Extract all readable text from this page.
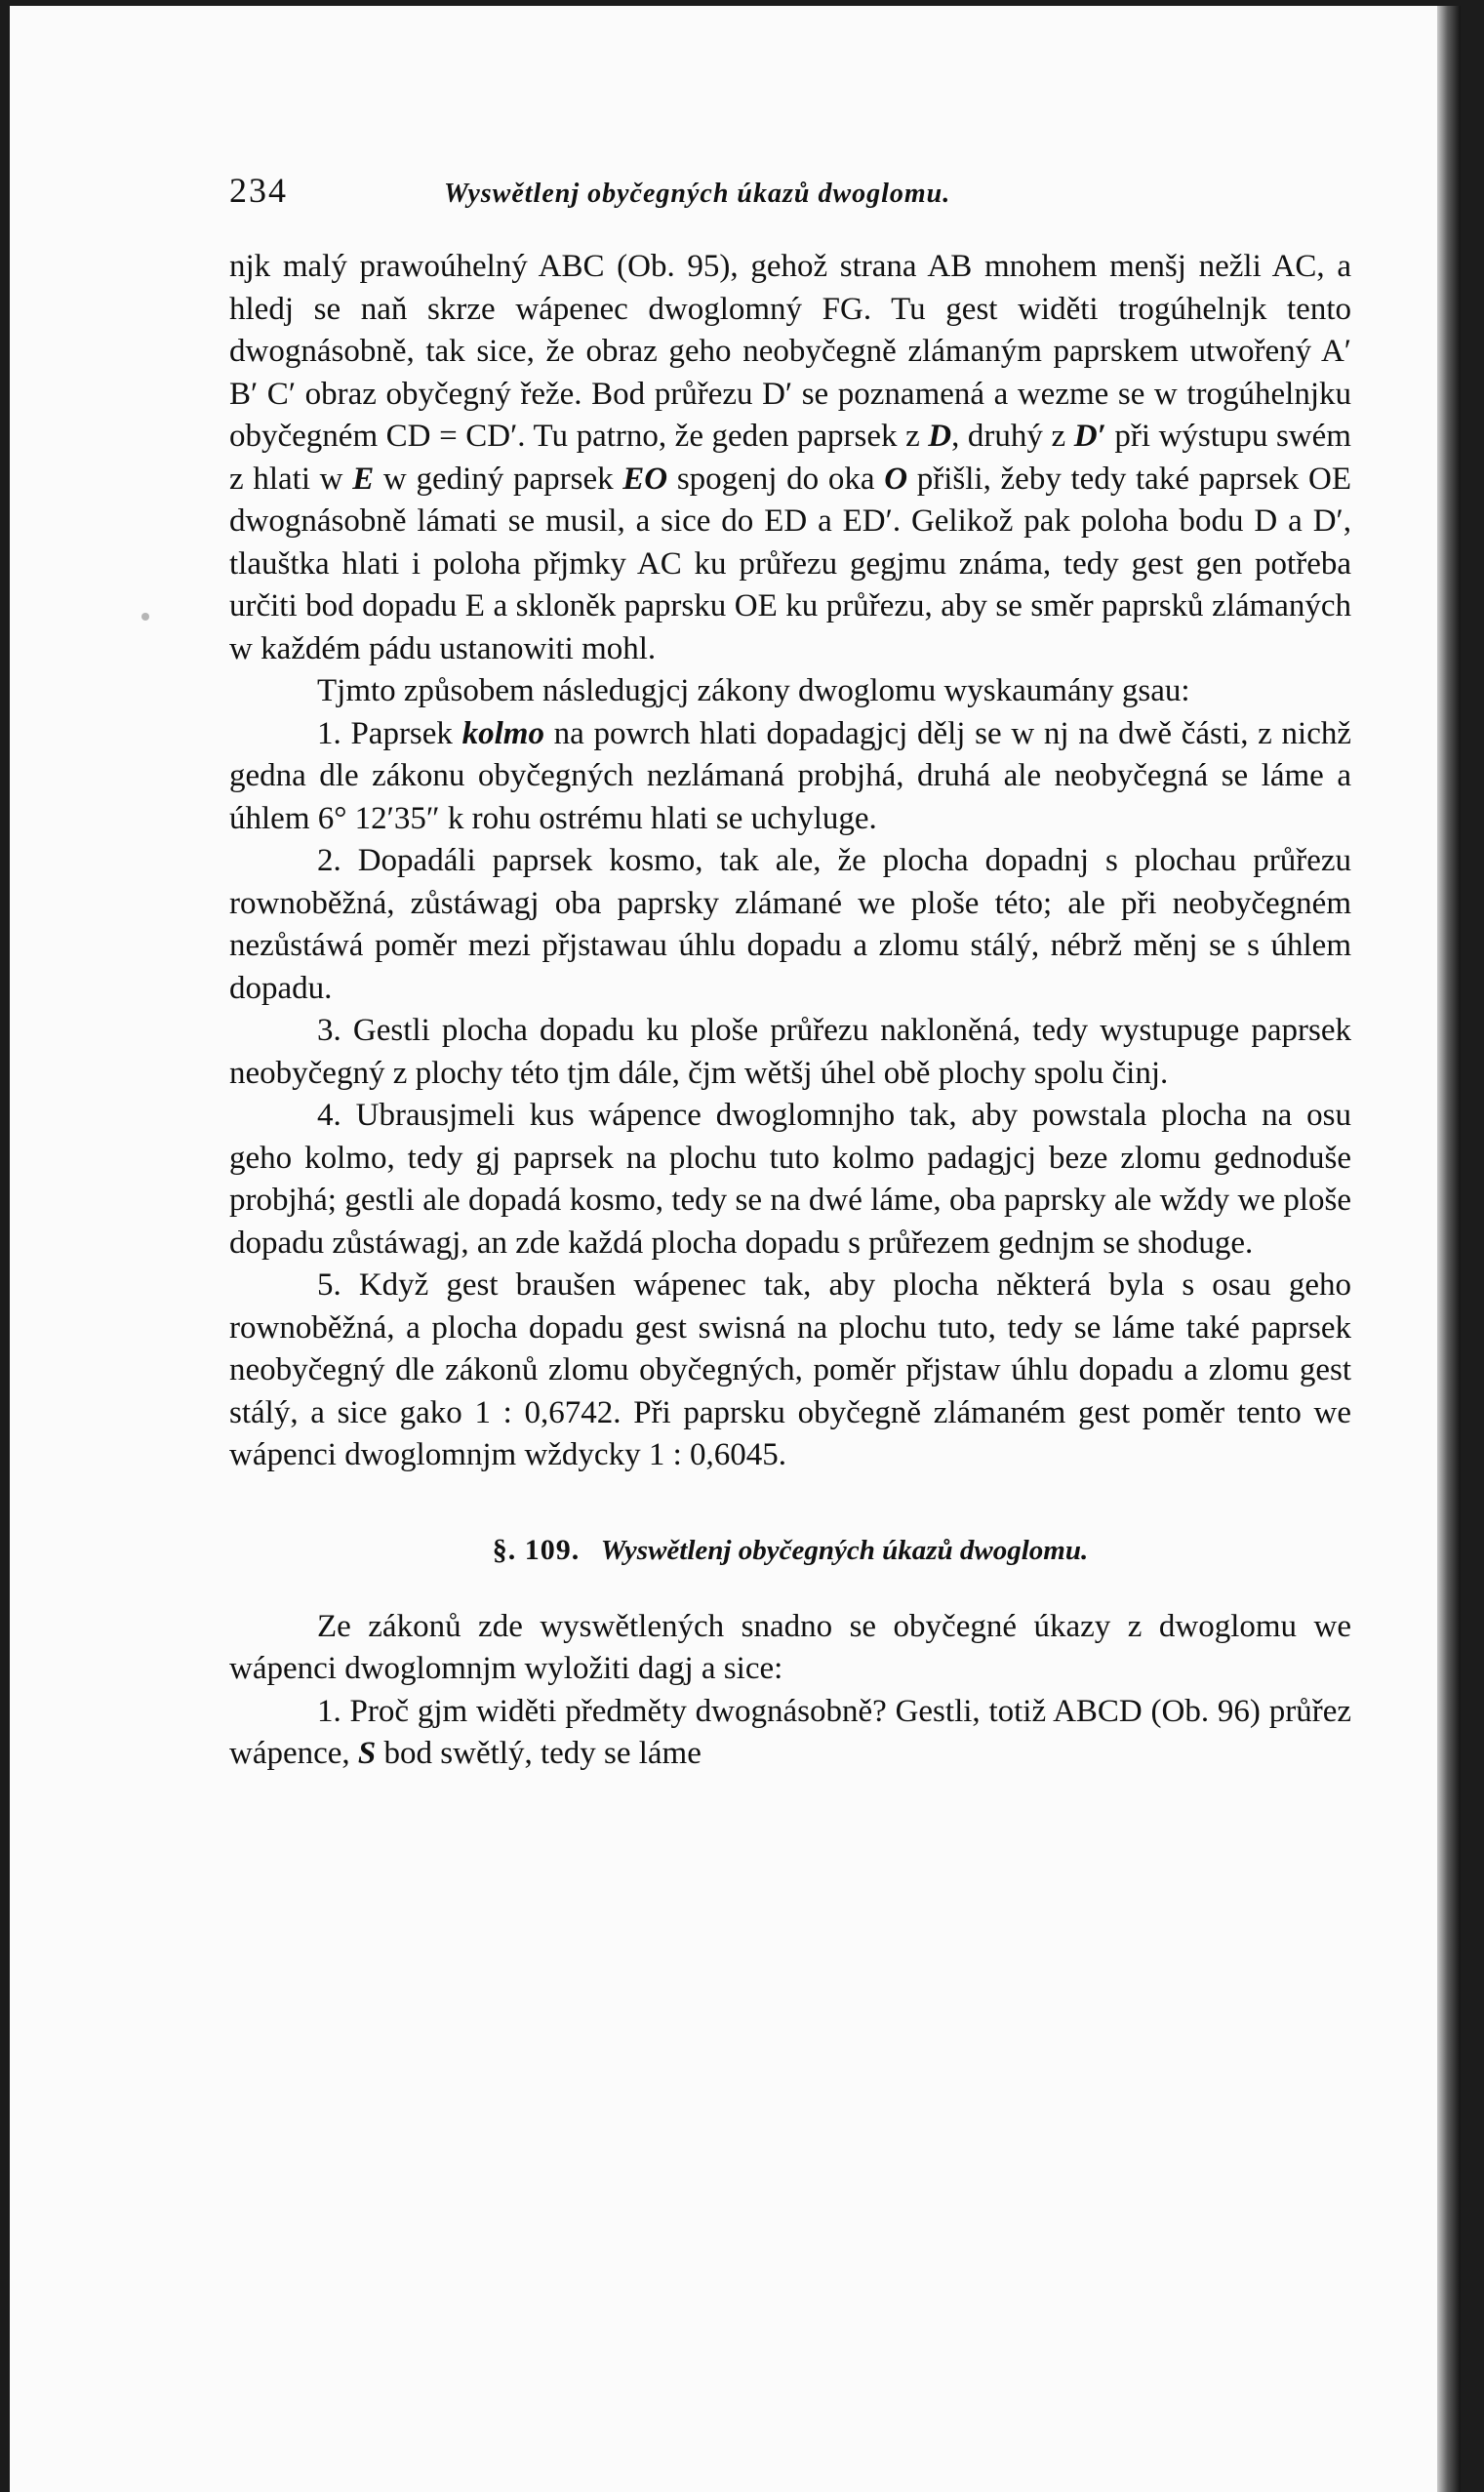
234	Wyswětlenj obyčegných úkazů dwoglomu.

njk malý prawoúhelný ABC (Ob. 95), gehož strana AB mnohem menšj nežli AC, a hledj se naň skrze wápenec dwoglomný FG. Tu gest widěti trogúhelnjk tento dwognásobně, tak sice, že obraz geho neobyčegně zlámaným paprskem utwořený A′ B′ C′ obraz obyčegný řeže. Bod průřezu D′ se poznamená a wezme se w trogúhelnjku obyčegném CD = CD′. Tu patrno, že geden paprsek z D, druhý z D′ při wýstupu swém z hlati w E w gediný paprsek EO spogenj do oka O přišli, žeby tedy také paprsek OE dwognásobně lámati se musil, a sice do ED a ED′. Gelikož pak poloha bodu D a D′, tlauštka hlati i poloha přjmky AC ku průřezu gegjmu známa, tedy gest gen potřeba určiti bod dopadu E a skloněk paprsku OE ku průřezu, aby se směr paprsků zlámaných w každém pádu ustanowiti mohl.

Tjmto způsobem následugjcj zákony dwoglomu wyskaumány gsau:

1. Paprsek kolmo na powrch hlati dopadagjcj dělj se w nj na dwě části, z nichž gedna dle zákonu obyčegných nezlámaná probjhá, druhá ale neobyčegná se láme a úhlem 6° 12′35″ k rohu ostrému hlati se uchyluge.

2. Dopadáli paprsek kosmo, tak ale, že plocha dopadnj s plochau průřezu rownoběžná, zůstáwagj oba paprsky zlámané we ploše této; ale při neobyčegném nezůstáwá poměr mezi přjstawau úhlu dopadu a zlomu stálý, nébrž měnj se s úhlem dopadu.

3. Gestli plocha dopadu ku ploše průřezu nakloněná, tedy wystupuge paprsek neobyčegný z plochy této tjm dále, čjm wětšj úhel obě plochy spolu činj.

4. Ubrausjmeli kus wápence dwoglomnjho tak, aby powstala plocha na osu geho kolmo, tedy gj paprsek na plochu tuto kolmo padagjcj beze zlomu gednoduše probjhá; gestli ale dopadá kosmo, tedy se na dwé láme, oba paprsky ale wždy we ploše dopadu zůstáwagj, an zde každá plocha dopadu s průřezem gednjm se shoduge.

5. Když gest braušen wápenec tak, aby plocha některá byla s osau geho rownoběžná, a plocha dopadu gest swisná na plochu tuto, tedy se láme také paprsek neobyčegný dle zákonů zlomu obyčegných, poměr přjstaw úhlu dopadu a zlomu gest stálý, a sice gako 1 : 0,6742. Při paprsku obyčegně zlámaném gest poměr tento we wápenci dwoglomnjm wždycky 1 : 0,6045.

§. 109. Wyswětlenj obyčegných úkazů dwoglomu.

Ze zákonů zde wyswětlených snadno se obyčegné úkazy z dwoglomu we wápenci dwoglomnjm wyložiti dagj a sice:

1. Proč gjm widěti předměty dwognásobně? Gestli, totiž ABCD (Ob. 96) průřez wápence, S bod swětlý, tedy se láme
